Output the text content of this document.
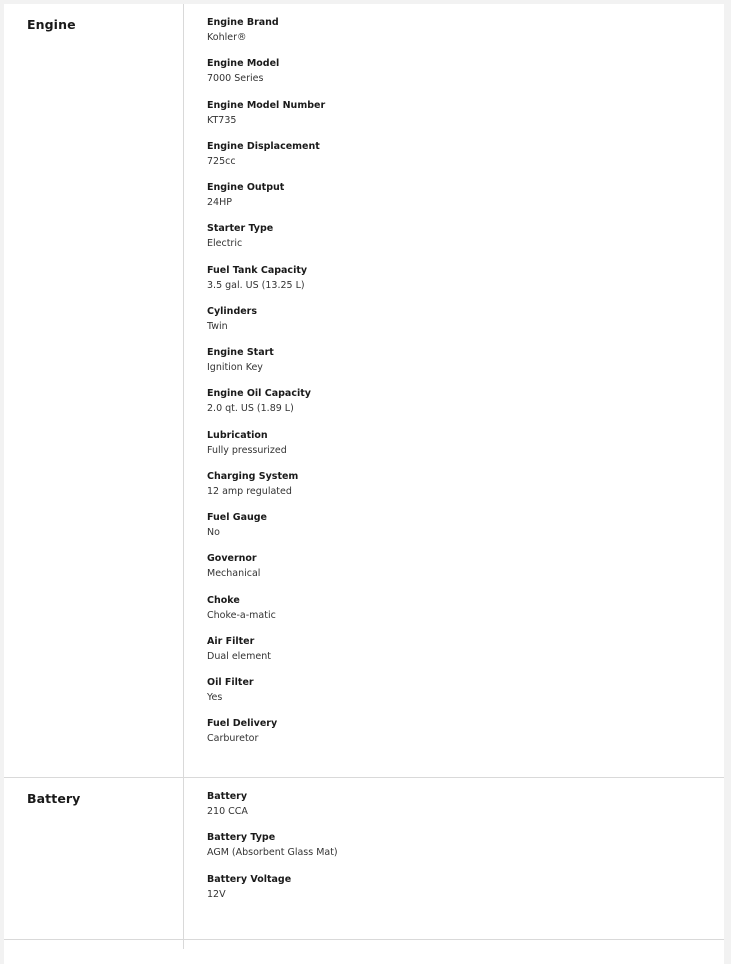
Engine	Engine Brand
Kohler®
Engine Model
7000 Series
Engine Model Number
KT735
Engine Displacement
725cc
Engine Output
24HP
Starter Type
Electric
Fuel Tank Capacity
3.5 gal. US (13.25 L)
Cylinders
Twin
Engine Start
Ignition Key
Engine Oil Capacity
2.0 qt. US (1.89 L)
Lubrication
Fully pressurized
Charging System
12 amp regulated
Fuel Gauge
No
Governor
Mechanical
Choke
Choke-a-matic
Air Filter
Dual element
Oil Filter
Yes
Fuel Delivery
Carburetor
Battery	Battery
210 CCA
Battery Type
AGM (Absorbent Glass Mat)
Battery Voltage
12V
